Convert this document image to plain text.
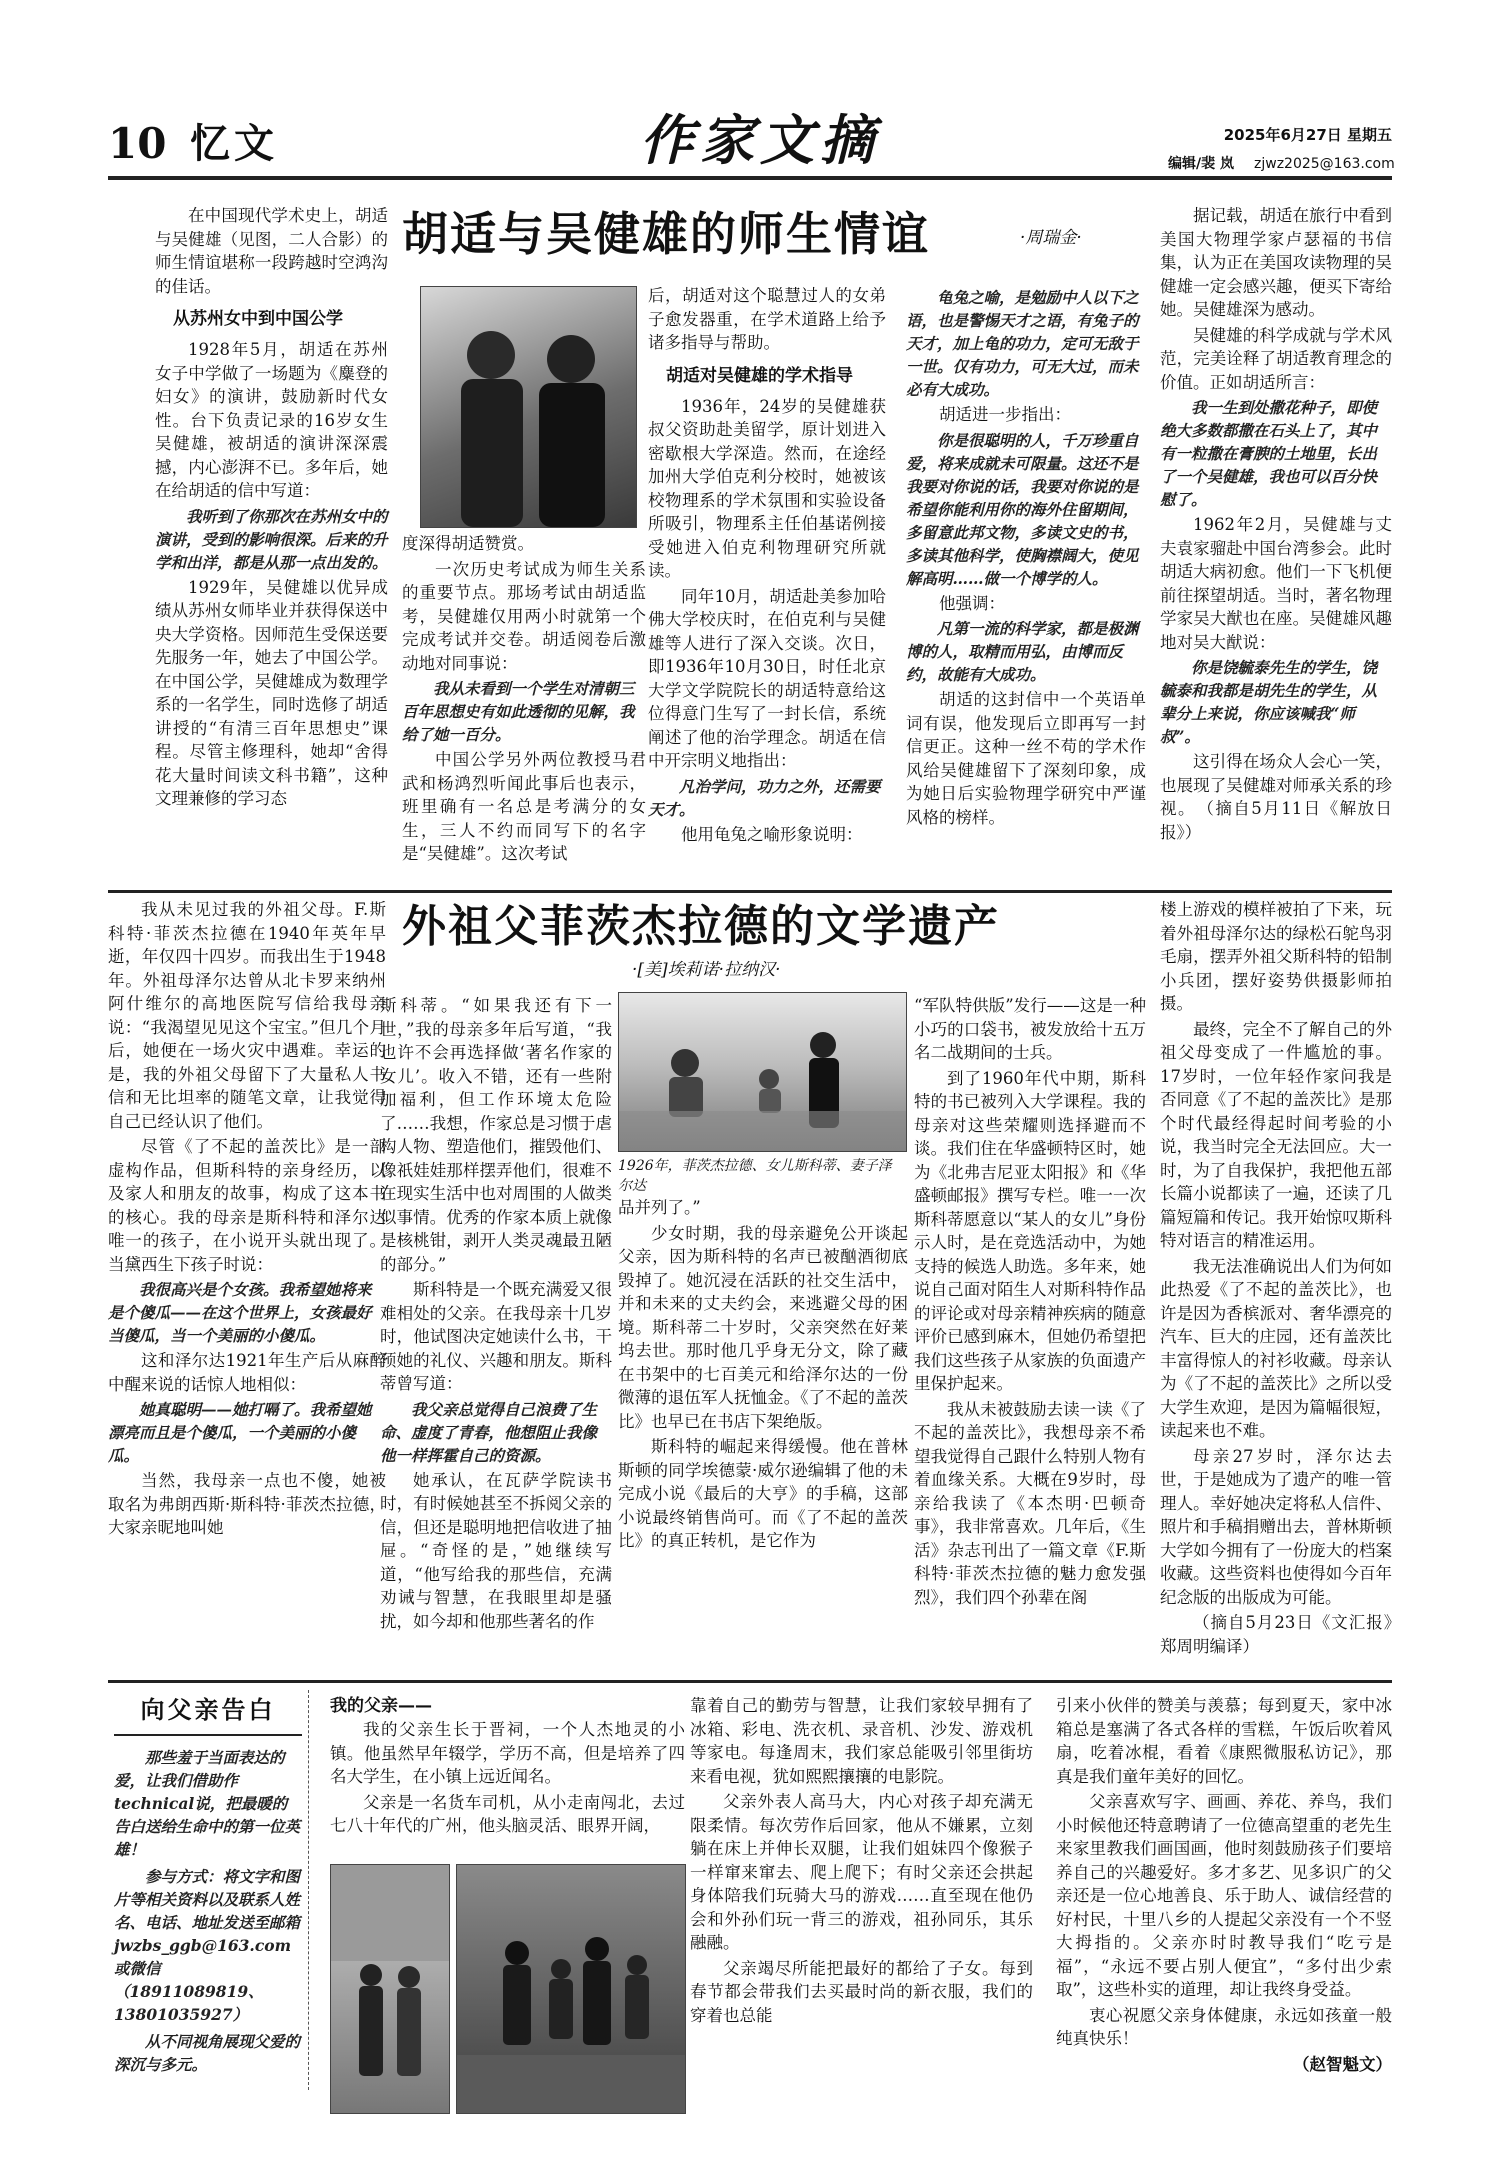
10 忆文	作家文摘	2025年6月27日 星期五
编辑/裴 岚 zjwz2025@163.com
胡适与吴健雄的师生情谊	·周瑞金·

在中国现代学术史上，胡适与吴健雄（见图，二人合影）的师生情谊堪称一段跨越时空鸿沟的佳话。

从苏州女中到中国公学

1928年5月，胡适在苏州女子中学做了一场题为《麋登的妇女》的演讲，鼓励新时代女性。台下负责记录的16岁女生吴健雄，被胡适的演讲深深震撼，内心澎湃不已。多年后，她在给胡适的信中写道：

我听到了你那次在苏州女中的演讲，受到的影响很深。后来的升学和出洋，都是从那一点出发的。

1929年，吴健雄以优异成绩从苏州女师毕业并获得保送中央大学资格。因师范生受保送要先服务一年，她去了中国公学。在中国公学，吴健雄成为数理学系的一名学生，同时选修了胡适讲授的“有清三百年思想史”课程。尽管主修理科，她却“舍得花大量时间读文科书籍”，这种文理兼修的学习态

度深得胡适赞赏。

一次历史考试成为师生关系的重要节点。那场考试由胡适监考，吴健雄仅用两小时就第一个完成考试并交卷。胡适阅卷后激动地对同事说：

我从未看到一个学生对清朝三百年思想史有如此透彻的见解，我给了她一百分。

中国公学另外两位教授马君武和杨鸿烈听闻此事后也表示，班里确有一名总是考满分的女生，三人不约而同写下的名字是“吴健雄”。这次考试

后，胡适对这个聪慧过人的女弟子愈发器重，在学术道路上给予诸多指导与帮助。

胡适对吴健雄的学术指导

1936年，24岁的吴健雄获叔父资助赴美留学，原计划进入密歇根大学深造。然而，在途经加州大学伯克利分校时，她被该校物理系的学术氛围和实验设备所吸引，物理系主任伯基诺例接受她进入伯克利物理研究所就读。

同年10月，胡适赴美参加哈佛大学校庆时，在伯克利与吴健雄等人进行了深入交谈。次日，即1936年10月30日，时任北京大学文学院院长的胡适特意给这位得意门生写了一封长信，系统阐述了他的治学理念。胡适在信中开宗明义地指出：

凡治学问，功力之外，还需要天才。

他用龟兔之喻形象说明：

龟兔之喻，是勉励中人以下之语，也是警惕天才之语，有兔子的天才，加上龟的功力，定可无敌于一世。仅有功力，可无大过，而未必有大成功。

胡适进一步指出：

你是很聪明的人，千万珍重自爱，将来成就未可限量。这还不是我要对你说的话，我要对你说的是希望你能利用你的海外住留期间，多留意此邦文物，多读文史的书，多读其他科学，使胸襟阔大，使见解高明……做一个博学的人。

他强调：

凡第一流的科学家，都是极渊博的人，取精而用弘，由博而反约，故能有大成功。

胡适的这封信中一个英语单词有误，他发现后立即再写一封信更正。这种一丝不苟的学术作风给吴健雄留下了深刻印象，成为她日后实验物理学研究中严谨风格的榜样。

据记载，胡适在旅行中看到美国大物理学家卢瑟福的书信集，认为正在美国攻读物理的吴健雄一定会感兴趣，便买下寄给她。吴健雄深为感动。

吴健雄的科学成就与学术风范，完美诠释了胡适教育理念的价值。正如胡适所言：

我一生到处撒花种子，即使绝大多数都撒在石头上了，其中有一粒撒在膏腴的土地里，长出了一个吴健雄，我也可以百分快慰了。

1962年2月，吴健雄与丈夫袁家骝赴中国台湾参会。此时胡适大病初愈。他们一下飞机便前往探望胡适。当时，著名物理学家吴大猷也在座。吴健雄风趣地对吴大猷说：

你是饶毓泰先生的学生，饶毓泰和我都是胡先生的学生，从辈分上来说，你应该喊我“师叔”。

这引得在场众人会心一笑，也展现了吴健雄对师承关系的珍视。　（摘自5月11日《解放日报》）

外祖父菲茨杰拉德的文学遗产
·[美]埃莉诺·拉纳汉·
1926年，菲茨杰拉德、女儿斯科蒂、妻子泽尔达

我从未见过我的外祖父母。F.斯科特·菲茨杰拉德在1940年英年早逝，年仅四十四岁。而我出生于1948年。外祖母泽尔达曾从北卡罗来纳州阿什维尔的高地医院写信给我母亲说：“我渴望见见这个宝宝。”但几个月后，她便在一场火灾中遇难。幸运的是，我的外祖父母留下了大量私人书信和无比坦率的随笔文章，让我觉得自己已经认识了他们。

尽管《了不起的盖茨比》是一部虚构作品，但斯科特的亲身经历，以及家人和朋友的故事，构成了这本书的核心。我的母亲是斯科特和泽尔达唯一的孩子，在小说开头就出现了。当黛西生下孩子时说：

我很高兴是个女孩。我希望她将来是个傻瓜——在这个世界上，女孩最好当傻瓜，当一个美丽的小傻瓜。

这和泽尔达1921年生产后从麻醉中醒来说的话惊人地相似：

她真聪明——她打嗝了。我希望她漂亮而且是个傻瓜，一个美丽的小傻瓜。

当然，我母亲一点也不傻，她被取名为弗朗西斯·斯科特·菲茨杰拉德，大家亲昵地叫她

斯科蒂。“如果我还有下一世，”我的母亲多年后写道，“我也许不会再选择做‘著名作家的女儿’。收入不错，还有一些附加福利，但工作环境太危险了……我想，作家总是习惯于虐构人物、塑造他们，摧毁他们、像祇娃娃那样摆弄他们，很难不在现实生活中也对周围的人做类似事情。优秀的作家本质上就像是核桃钳，剥开人类灵魂最丑陋的部分。”

斯科特是一个既充满爱又很难相处的父亲。在我母亲十几岁时，他试图决定她读什么书，干预她的礼仪、兴趣和朋友。斯科蒂曾写道：

我父亲总觉得自己浪费了生命、虚度了青春，他想阻止我像他一样挥霍自己的资源。

她承认，在瓦萨学院读书时，有时候她甚至不拆阅父亲的信，但还是聪明地把信收进了抽屉。“奇怪的是，”她继续写道，“他写给我的那些信，充满劝诫与智慧，在我眼里却是骚扰，如今却和他那些著名的作

品并列了。”

少女时期，我的母亲避免公开谈起父亲，因为斯科特的名声已被酗酒彻底毁掉了。她沉浸在活跃的社交生活中，并和未来的丈夫约会，来逃避父母的困境。斯科蒂二十岁时，父亲突然在好莱坞去世。那时他几乎身无分文，除了藏在书架中的七百美元和给泽尔达的一份微薄的退伍军人抚恤金。《了不起的盖茨比》也早已在书店下架绝版。

斯科特的崛起来得缓慢。他在普林斯顿的同学埃德蒙·威尔逊编辑了他的未完成小说《最后的大亨》的手稿，这部小说最终销售尚可。而《了不起的盖茨比》的真正转机，是它作为

“军队特供版”发行——这是一种小巧的口袋书，被发放给十五万名二战期间的士兵。

到了1960年代中期，斯科特的书已被列入大学课程。我的母亲对这些荣耀则选择避而不谈。我们住在华盛顿特区时，她为《北弗吉尼亚太阳报》和《华盛顿邮报》撰写专栏。唯一一次斯科蒂愿意以“某人的女儿”身份示人时，是在竞选活动中，为她支持的候选人助选。多年来，她说自己面对陌生人对斯科特作品的评论或对母亲精神疾病的随意评价已感到麻木，但她仍希望把我们这些孩子从家族的负面遗产里保护起来。

我从未被鼓励去读一读《了不起的盖茨比》，我想母亲不希望我觉得自己跟什么特别人物有着血缘关系。大概在9岁时，母亲给我读了《本杰明·巴顿奇事》，我非常喜欢。几年后，《生活》杂志刊出了一篇文章《F.斯科特·菲茨杰拉德的魅力愈发强烈》，我们四个孙辈在阁

楼上游戏的模样被拍了下来，玩着外祖母泽尔达的绿松石鸵鸟羽毛扇，摆弄外祖父斯科特的铅制小兵团，摆好姿势供摄影师拍摄。

最终，完全不了解自己的外祖父母变成了一件尴尬的事。17岁时，一位年轻作家问我是否同意《了不起的盖茨比》是那个时代最经得起时间考验的小说，我当时完全无法回应。大一时，为了自我保护，我把他五部长篇小说都读了一遍，还读了几篇短篇和传记。我开始惊叹斯科特对语言的精准运用。

我无法准确说出人们为何如此热爱《了不起的盖茨比》，也许是因为香槟派对、奢华漂亮的汽车、巨大的庄园，还有盖茨比丰富得惊人的衬衫收藏。母亲认为《了不起的盖茨比》之所以受大学生欢迎，是因为篇幅很短，读起来也不难。

母亲27岁时，泽尔达去世，于是她成为了遗产的唯一管理人。幸好她决定将私人信件、照片和手稿捐赠出去，普林斯顿大学如今拥有了一份庞大的档案收藏。这些资料也使得如今百年纪念版的出版成为可能。

（摘自5月23日《文汇报》　郑周明编译）

向父亲告白

那些羞于当面表达的爱，让我们借助作technical说，把最暖的告白送给生命中的第一位英雄！

参与方式：将文字和图片等相关资料以及联系人姓名、电话、地址发送至邮箱jwzbs_ggb@163.com 或微信（18911089819、13801035927）

从不同视角展现父爱的深沉与多元。

我的父亲——

我的父亲生长于晋祠，一个人杰地灵的小镇。他虽然早年辍学，学历不高，但是培养了四名大学生，在小镇上远近闻名。

父亲是一名货车司机，从小走南闯北，去过七八十年代的广州，他头脑灵活、眼界开阔，

靠着自己的勤劳与智慧，让我们家较早拥有了冰箱、彩电、洗衣机、录音机、沙发、游戏机等家电。每逢周末，我们家总能吸引邻里街坊来看电视，犹如熙熙攘攘的电影院。

父亲外表人高马大，内心对孩子却充满无限柔情。每次劳作后回家，他从不嫌累，立刻躺在床上并伸长双腿，让我们姐妹四个像猴子一样窜来窜去、爬上爬下；有时父亲还会拱起身体陪我们玩骑大马的游戏……直至现在他仍会和外孙们玩一背三的游戏，祖孙同乐，其乐融融。

父亲竭尽所能把最好的都给了子女。每到春节都会带我们去买最时尚的新衣服，我们的穿着也总能

引来小伙伴的赞美与羡慕；每到夏天，家中冰箱总是塞满了各式各样的雪糕，午饭后吹着风扇，吃着冰棍，看着《康熙微服私访记》，那真是我们童年美好的回忆。

父亲喜欢写字、画画、养花、养鸟，我们小时候他还特意聘请了一位德高望重的老先生来家里教我们画国画，他时刻鼓励孩子们要培养自己的兴趣爱好。多才多艺、见多识广的父亲还是一位心地善良、乐于助人、诚信经营的好村民，十里八乡的人提起父亲没有一个不竖大拇指的。父亲亦时时教导我们“吃亏是福”，“永远不要占别人便宜”，“多付出少索取”，这些朴实的道理，却让我终身受益。

衷心祝愿父亲身体健康，永远如孩童一般纯真快乐！

（赵智魁文）
